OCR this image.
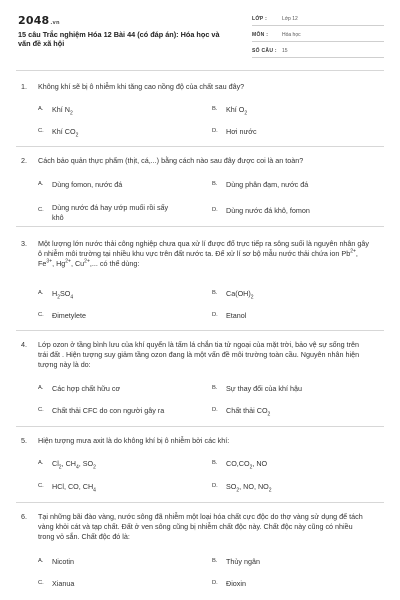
2048.vn
15 câu Trắc nghiệm Hóa 12 Bài 44 (có đáp án): Hóa học và vấn đề xã hội
LỚP :	Lớp 12
MÔN :	Hóa học
SỐ CÂU : 15
1. Không khí sẽ bị ô nhiễm khi tăng cao nồng độ của chất sau đây?
A. Khí $N_2$
B. Khí $O_2$
C. Khí $CO_2$
D. Hơi nước
2. Cách bảo quản thực phẩm (thịt, cá,...) bằng cách nào sau đây được coi là an toàn?
A. Dùng fomon, nước đá	B. Dùng phân đạm, nước đá
C. Dùng nước đá hay ướp muối rồi sấy
khô
D. Dùng nước đá khô, fomon
3. Một lượng lớn nước thải công nghiệp chưa qua xử lí được đổ trực tiếp ra sông suối là nguyên nhân gây ô nhiễm môi trường tại nhiều khu vực trên đất nước ta. Để xử lí sơ bộ mẫu nước thải chứa ion $Pb^{2+}$, $Fe^{3+}$, $Hg^{2+}$, $Cu^{2+}$,... có thể dùng:
A. $H_2SO_4$
B. $Ca(OH)_2$
C. Đimetylete	D. Etanol
4. Lớp ozon ở tầng bình lưu của khí quyển là tấm lá chắn tia tử ngoại của mặt trời, bảo vệ sự sống trên trái đất . Hiện tượng suy giảm tầng ozon đang là một vấn đề môi trường toàn cầu. Nguyên nhân hiện tượng này là do:
A. Các hợp chất hữu cơ	B. Sự thay đổi của khí hậu
C. Chất thải CFC do con người gây ra	D. Chất thải $CO_2$
5. Hiện tượng mưa axit là do không khí bị ô nhiễm bởi các khí:
A. $Cl_2$, $CH_4$, $SO_2$
B. $CO,CO_2$, NO
C. HCl, CO, $CH_4$
D. $SO_2$, NO, $NO_2$
6. Tại những bãi đào vàng, nước sông đã nhiễm một loại hóa chất cực độc do thợ vàng sử dụng để tách vàng khỏi cát và tạp chất. Đất ở ven sông cũng bị nhiễm chất độc này. Chất độc này cũng có nhiều trong vỏ sắn. Chất độc đó là:
A. Nicotin	B. Thủy ngân
C. Xianua	D. Đioxin
